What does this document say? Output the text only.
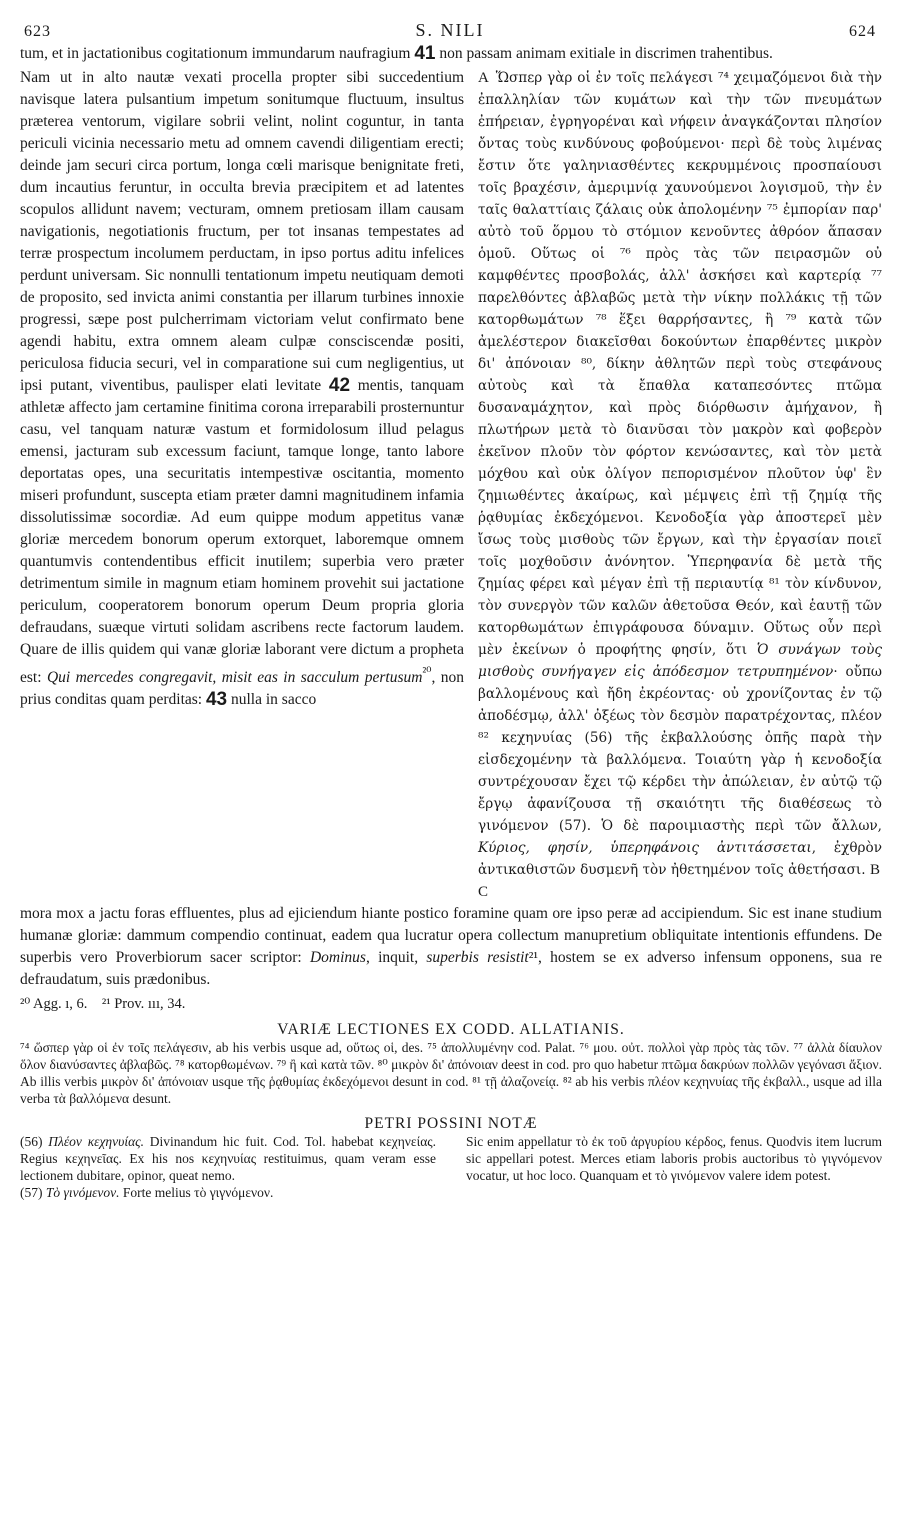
623	S. NILI	624
tum, et in jactationibus cogitationum immundarum naufragium 41 non passam animam exitiale in discrimen trahentibus.
Nam ut in alto nautæ vexati procella propter sibi succedentium navisque latera pulsantium impetum sonitumque fluctuum, insultus præterea ventorum, vigilare sobrii velint, nolint coguntur, in tanta periculi vicinia necessario metu ad omnem cavendi diligentiam erecti; deinde jam securi circa portum, longa cœli marisque benignitate freti, dum incautius feruntur, in occulta brevia præcipitem et ad latentes scopulos allidunt navem; vecturam, omnem pretiosam illam causam navigationis, negotiationis fructum, per tot insanas tempestates ad terræ prospectum incolumem perductam, in ipso portus aditu infelices perdunt universam. Sic nonnulli tentationum impetu neutiquam demoti de proposito, sed invicta animi constantia per illarum turbines innoxie progressi, sæpe post pulcherrimam victoriam velut confirmato bene agendi habitu, extra omnem aleam culpæ consciscendæ positi, periculosa fiducia securi, vel in comparatione sui cum negligentius, ut ipsi putant, viventibus, paulisper elati levitate 42 mentis, tanquam athletæ affecto jam certamine finitima corona irreparabili prosternuntur casu, vel tanquam naturæ vastum et formidolosum illud pelagus emensi, jacturam sub excessum faciunt, tamque longe, tanto labore deportatas opes, una securitatis intempestivæ oscitantia, momento miseri profundunt, suscepta etiam præter damni magnitudinem infamia dissolutissimæ socordiæ. Ad eum quippe modum appetitus vanæ gloriæ mercedem bonorum operum extorquet, laboremque omnem quantumvis contendentibus efficit inutilem; superbia vero præter detrimentum simile in magnum etiam hominem provehit sui jactatione periculum, cooperatorem bonorum operum Deum propria gloria defraudans, suæque virtuti solidam ascribens recte factorum laudem. Quare de illis quidem qui vanæ gloriæ laborant vere dictum a propheta est: Qui mercedes congregavit, misit eas in sacculum pertusum$^{^{20}}$, non prius conditas quam perditas: 43 nulla in sacco
A Ὥσπερ γὰρ οἱ ἐν τοῖς πελάγεσι ⁷⁴ χειμαζόμενοι διὰ τὴν ἐπαλληλίαν τῶν κυμάτων καὶ τὴν τῶν πνευμάτων ἐπήρειαν, ἐγρηγορέναι καὶ νήφειν ἀναγκάζονται πλησίον ὄντας τοὺς κινδύνους φοβούμενοι· περὶ δὲ τοὺς λιμένας ἔστιν ὅτε γαληνιασθέντες κεκρυμμένοις προσπαίουσι τοῖς βραχέσιν, ἀμεριμνίᾳ χαυνούμενοι λογισμοῦ, τὴν ἐν ταῖς θαλαττίαις ζάλαις οὐκ ἀπολομένην ⁷⁵ ἐμπορίαν παρ' αὐτὸ τοῦ ὅρμου τὸ στόμιον κενοῦντες ἀθρόον ἅπασαν ὁμοῦ. Οὕτως οἱ ⁷⁶ πρὸς τὰς τῶν πειρασμῶν οὐ καμφθέντες προσβολάς, ἀλλ' ἀσκήσει καὶ καρτερίᾳ ⁷⁷ παρελθόντες ἀβλαβῶς μετὰ τὴν νίκην πολλάκις τῇ τῶν κατορθωμάτων ⁷⁸ ἕξει θαρρήσαντες, ἢ ⁷⁹ κατὰ τῶν ἀμελέστερον διακεῖσθαι δοκούντων ἐπαρθέντες μικρὸν δι' ἀπόνοιαν ⁸⁰, δίκην ἀθλητῶν περὶ τοὺς στεφάνους αὐτοὺς καὶ τὰ ἔπαθλα καταπεσόντες πτῶμα δυσαναμάχητον, καὶ πρὸς διόρθωσιν ἀμήχανον, ἢ πλωτήρων μετὰ τὸ διανῦσαι τὸν μακρὸν καὶ φοβερὸν ἐκεῖνον πλοῦν τὸν φόρτον κενώσαντες, καὶ τὸν μετὰ μόχθου καὶ οὐκ ὀλίγον πεπορισμένον πλοῦτον ὑφ' ἓν ζημιωθέντες ἀκαίρως, καὶ μέμψεις ἐπὶ τῇ ζημίᾳ τῆς ῥᾳθυμίας ἐκδεχόμενοι. Κενοδοξία γὰρ ἀποστερεῖ μὲν ἴσως τοὺς μισθοὺς τῶν ἔργων, καὶ τὴν ἐργασίαν ποιεῖ τοῖς μοχθοῦσιν ἀνόνητον. Ὑπερηφανία δὲ μετὰ τῆς ζημίας φέρει καὶ μέγαν ἐπὶ τῇ περιαυτίᾳ ⁸¹ τὸν κίνδυνον, τὸν συνεργὸν τῶν καλῶν ἀθετοῦσα Θεόν, καὶ ἑαυτῇ τῶν κατορθωμάτων ἐπιγράφουσα δύναμιν. Οὕτως οὖν περὶ μὲν ἐκείνων ὁ προφήτης φησίν, ὅτι Ὁ συνάγων τοὺς μισθοὺς συνήγαγεν εἰς ἀπόδεσμον τετρυπημένον· οὔπω βαλλομένους καὶ ἤδη ἐκρέοντας· οὐ χρονίζοντας ἐν τῷ ἀποδέσμῳ, ἀλλ' ὀξέως τὸν δεσμὸν παρατρέχοντας, πλέον ⁸² κεχηνυίας (56) τῆς ἐκβαλλούσης ὀπῆς παρὰ τὴν εἰσδεχομένην τὰ βαλλόμενα. Τοιαύτη γὰρ ἡ κενοδοξία συντρέχουσαν ἔχει τῷ κέρδει τὴν ἀπώλειαν, ἐν αὐτῷ τῷ ἔργῳ ἀφανίζουσα τῇ σκαιότητι τῆς διαθέσεως τὸ γινόμενον (57). Ὁ δὲ παροιμιαστὴς περὶ τῶν ἄλλων, Κύριος, φησίν, ὑπερηφάνοις ἀντιτάσσεται, ἐχθρὸν ἀντικαθιστῶν δυσμενῆ τὸν ἠθετημένον τοῖς ἀθετήσασι. B C
mora mox a jactu foras effluentes, plus ad ejiciendum hiante postico foramine quam ore ipso peræ ad accipiendum. Sic est inane studium humanæ gloriæ: dammum compendio continuat, eadem qua lucratur opera collectum manupretium obliquitate intentionis effundens. De superbis vero Proverbiorum sacer scriptor: Dominus, inquit, superbis resistit²¹, hostem se ex adverso infensum opponens, sua re defraudatum, suis prædonibus.
²⁰ Agg. ı, 6. ²¹ Prov. ııı, 34.
VARIÆ LECTIONES EX CODD. ALLATIANIS.
⁷⁴ ὥσπερ γὰρ οἱ ἐν τοῖς πελάγεσιν, ab his verbis usque ad, οὕτως οἱ, des. ⁷⁵ ἀπολλυμένην cod. Palat. ⁷⁶ μου. οὐτ. πολλοὶ γὰρ πρὸς τὰς τῶν. ⁷⁷ ἀλλὰ δίαυλον ὅλον διανύσαντες ἀβλαβῶς. ⁷⁸ κατορθωμένων. ⁷⁹ ἢ καὶ κατὰ τῶν. ⁸⁰ μικρὸν δι' ἀπόνοιαν deest in cod. pro quo habetur πτῶμα δακρύων πολλῶν γεγόνασι ἄξιον. Ab illis verbis μικρὸν δι' ἀπόνοιαν usque τῆς ῥᾳθυμίας ἐκδεχόμενοι desunt in cod. ⁸¹ τῇ ἀλαζονείᾳ. ⁸² ab his verbis πλέον κεχηνυίας τῆς ἐκβαλλ., usque ad illa verba τὰ βαλλόμενα desunt.
PETRI POSSINI NOTÆ
(56) Πλέον κεχηνυίας. Divinandum hic fuit. Cod. Tol. habebat κεχηνείας. Regius κεχηνεῖας. Ex his nos κεχηνυίας restituimus, quam veram esse lectionem dubitare, opinor, queat nemo.
(57) Τὸ γινόμενον. Forte melius τὸ γιγνόμενον.
Sic enim appellatur τὸ ἐκ τοῦ ἀργυρίου κέρδος, fenus. Quodvis item lucrum sic appellari potest. Merces etiam laboris probis auctoribus τὸ γιγνόμενον vocatur, ut hoc loco. Quanquam et τὸ γινόμενον valere idem potest.
